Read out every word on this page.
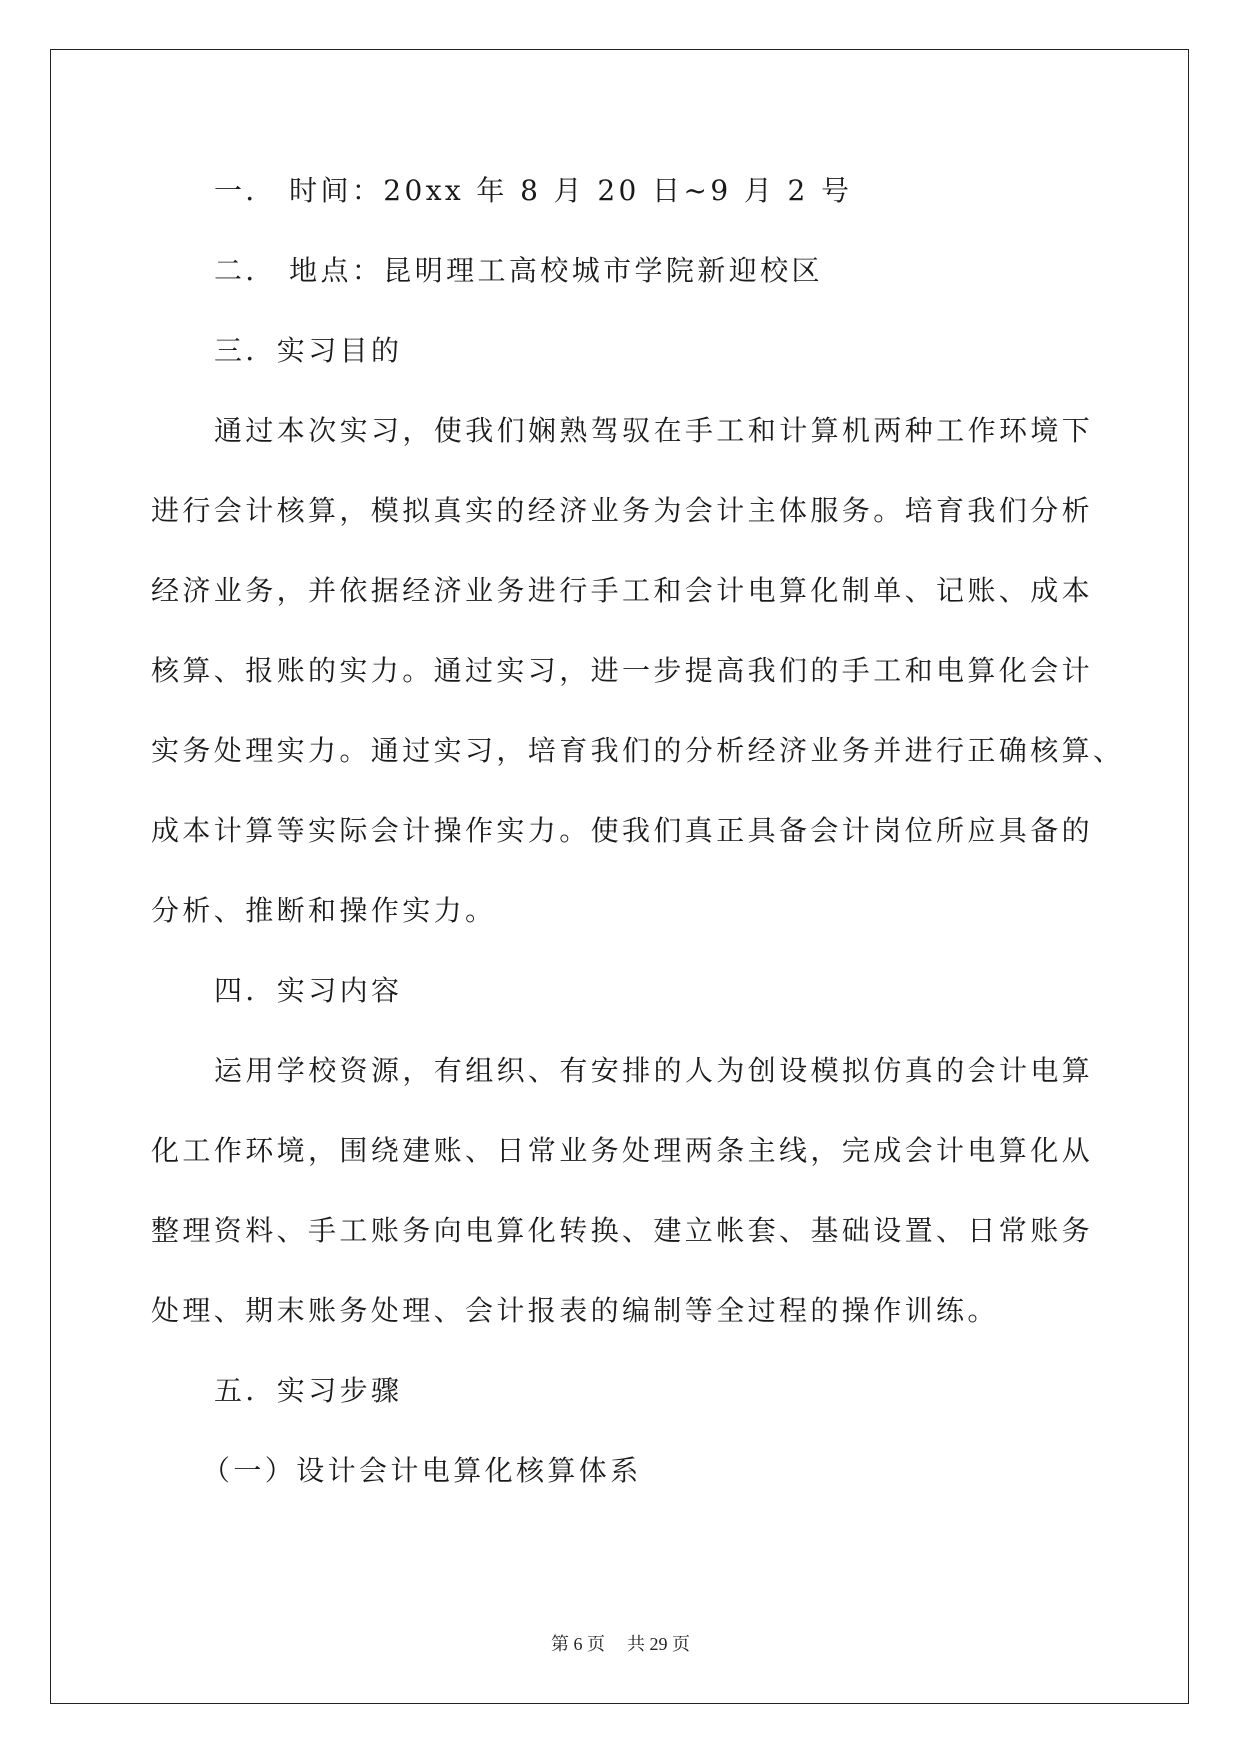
一． 时间：20xx 年 8 月 20 日~9 月 2 号
二． 地点：昆明理工高校城市学院新迎校区
三．实习目的
通过本次实习，使我们娴熟驾驭在手工和计算机两种工作环境下
进行会计核算，模拟真实的经济业务为会计主体服务。培育我们分析
经济业务，并依据经济业务进行手工和会计电算化制单、记账、成本
核算、报账的实力。通过实习，进一步提高我们的手工和电算化会计
实务处理实力。通过实习，培育我们的分析经济业务并进行正确核算、
成本计算等实际会计操作实力。使我们真正具备会计岗位所应具备的
分析、推断和操作实力。
四．实习内容
运用学校资源，有组织、有安排的人为创设模拟仿真的会计电算
化工作环境，围绕建账、日常业务处理两条主线，完成会计电算化从
整理资料、手工账务向电算化转换、建立帐套、基础设置、日常账务
处理、期末账务处理、会计报表的编制等全过程的操作训练。
五．实习步骤
（一）设计会计电算化核算体系
第 6 页 共 29 页
